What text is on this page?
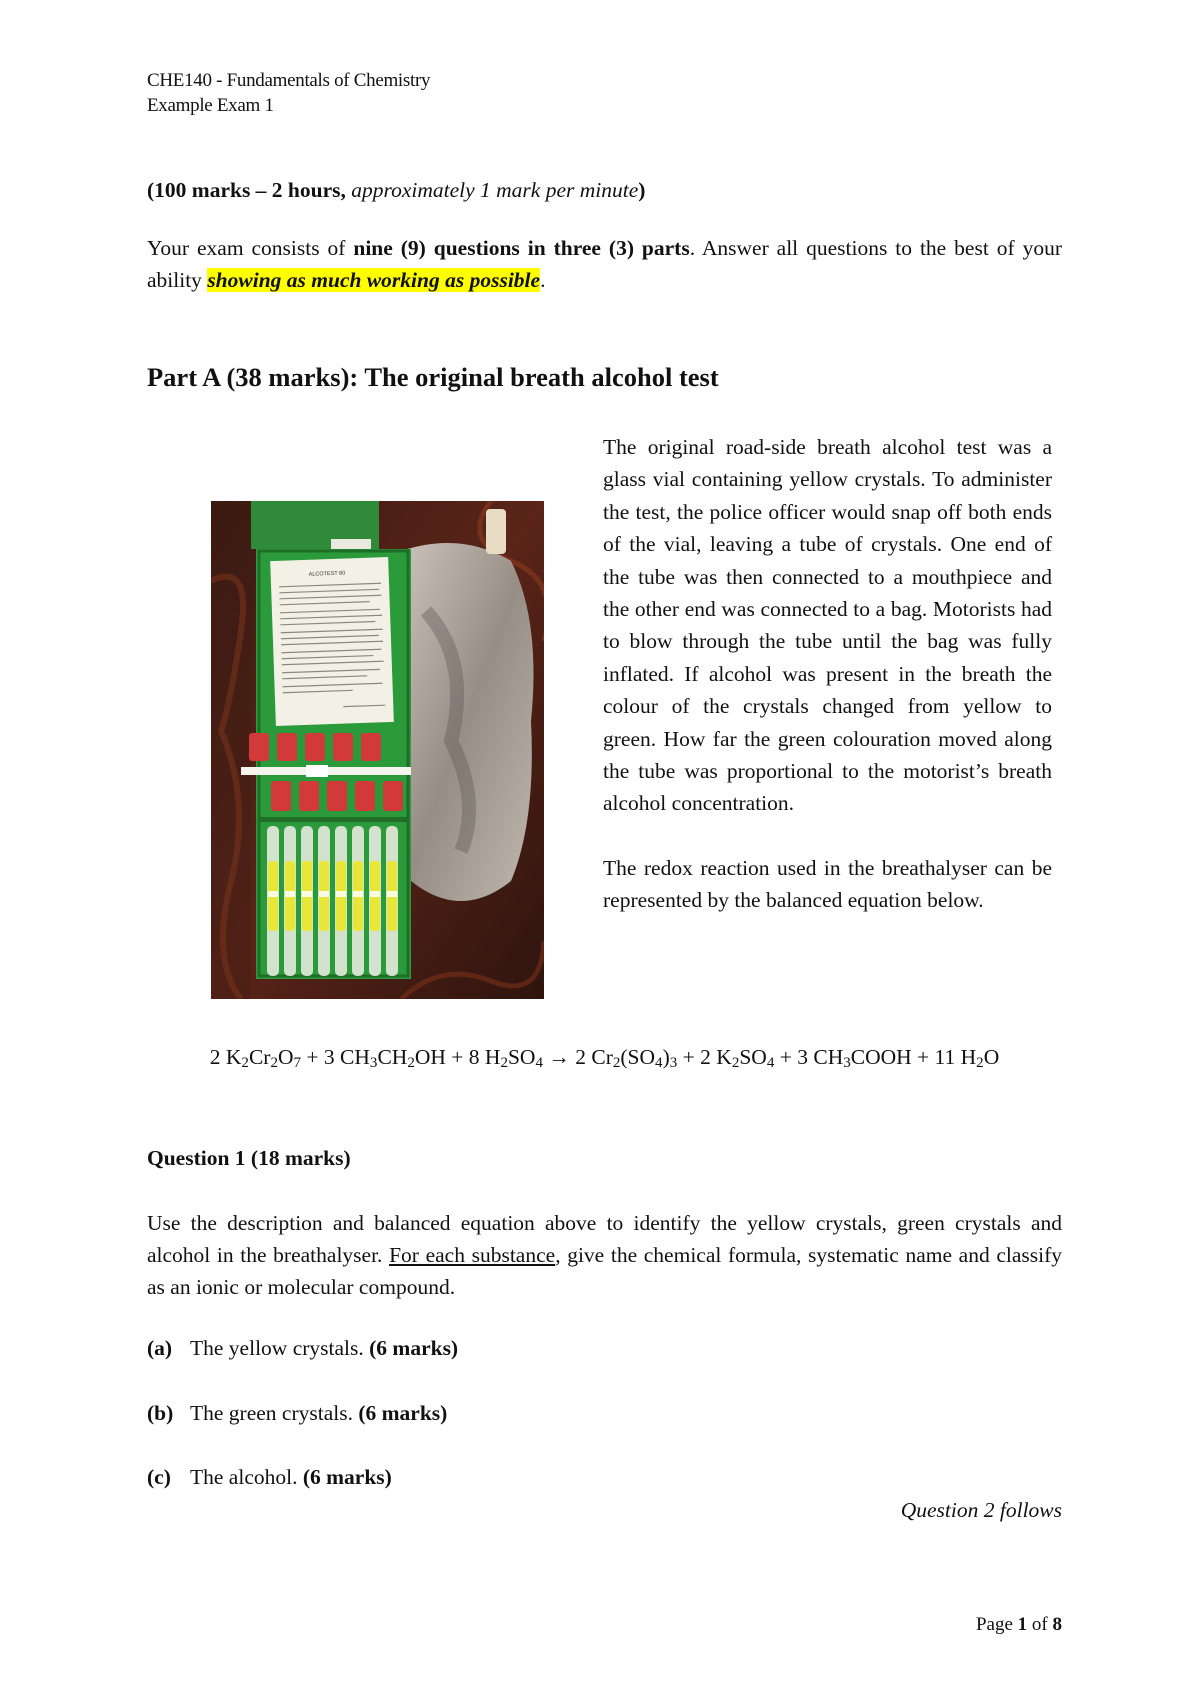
CHE140 - Fundamentals of Chemistry
Example Exam 1
(100 marks – 2 hours, approximately 1 mark per minute)
Your exam consists of nine (9) questions in three (3) parts. Answer all questions to the best of your ability showing as much working as possible.
Part A (38 marks): The original breath alcohol test
ALCOTEST 80

The original road-side breath alcohol test was a glass vial containing yellow crystals. To administer the test, the police officer would snap off both ends of the vial, leaving a tube of crystals. One end of the tube was then connected to a mouthpiece and the other end was connected to a bag. Motorists had to blow through the tube until the bag was fully inflated. If alcohol was present in the breath the colour of the crystals changed from yellow to green. How far the green colouration moved along the tube was proportional to the motorist’s breath alcohol concentration.

The redox reaction used in the breathalyser can be represented by the balanced equation below.

2 $K_2Cr_2O_7 + 3$ $CH_3CH_2OH + 8$ $H_2SO_4 \to 2$ $Cr_2(SO_4)_3 + 2$ $K_2SO_4 + 3$ $CH_3COOH + 11$ $H_2O$
Question 1 (18 marks)
Use the description and balanced equation above to identify the yellow crystals, green crystals and alcohol in the breathalyser. For each substance, give the chemical formula, systematic name and classify as an ionic or molecular compound.
(a) The yellow crystals. (6 marks)
(b) The green crystals. (6 marks)
(c) The alcohol. (6 marks)
Question 2 follows
Page 1 of 8
